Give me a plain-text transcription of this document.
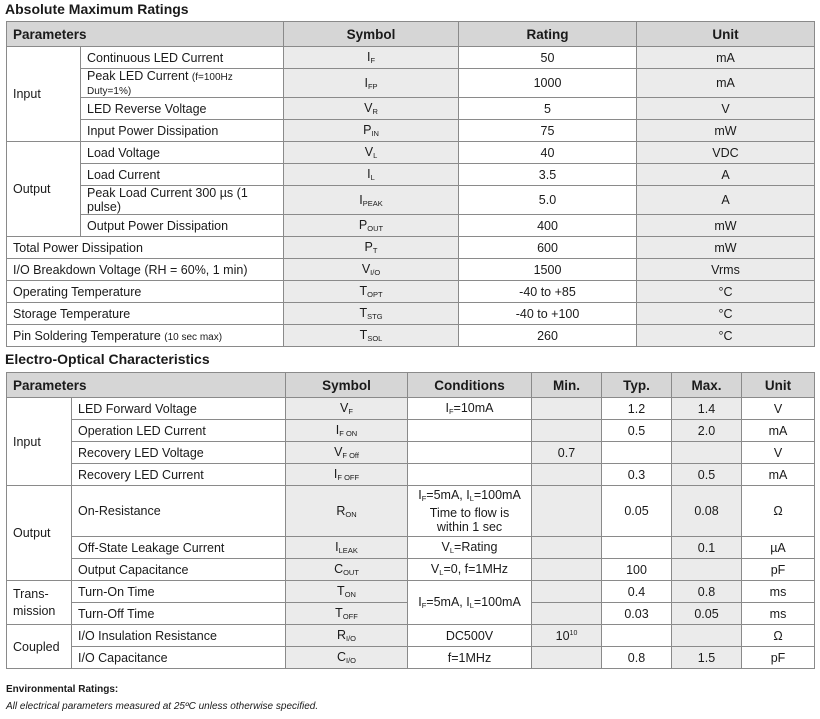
Absolute Maximum Ratings
Parameters		Symbol	Rating	Unit
Input	Continuous LED Current	$I_F$	50	mA
	Peak LED Current (f=100Hz Duty=1%)	$I_{FP}$	1000	mA
	LED Reverse Voltage	$V_R$	5	V
	Input Power Dissipation	$P_{IN}$	75	mW
Output	Load Voltage	$V_L$	40	VDC
	Load Current	$I_L$	3.5	A
	Peak Load Current 300 µs (1 pulse)	$I_{PEAK}$	5.0	A
	Output Power Dissipation	$P_{OUT}$	400	mW
Total Power Dissipation		$P_T$	600	mW
I/O Breakdown Voltage (RH = 60%, 1 min)		$V_{I/O}$	1500	Vrms
Operating Temperature		$T_{OPT}$	-40 to +85	°C
Storage Temperature		$T_{STG}$	-40 to +100	°C
Pin Soldering Temperature (10 sec max)		$T_{SOL}$	260	°C
Electro-Optical Characteristics
Parameters		Symbol	Conditions	Min.	Typ.	Max.	Unit
Input	LED Forward Voltage	$V_F$	$I_F=10mA$		1.2	1.4	V
	Operation LED Current	$I_{F ON}$			0.5	2.0	mA
	Recovery LED Voltage	$V_{F Off}$		0.7			V
	Recovery LED Current	$I_{F OFF}$			0.3	0.5	mA
Output	On-Resistance	$R_{ON}$	$I_F=5mA$, $I_L=100mA$
Time to flow is
within 1 sec		0.05	0.08	Ω
	Off-State Leakage Current	$I_{LEAK}$	$V_L=Rating$			0.1	µA
	Output Capacitance	$C_{OUT}$	$V_L=0$, f=1MHz		100		pF
Trans-
mission	Turn-On Time	$T_{ON}$	$I_F=5mA$, $I_L=100mA$		0.4	0.8	ms
	Turn-Off Time	$T_{OFF}$			0.03	0.05	ms
Coupled	I/O Insulation Resistance	$R_{I/O}$	DC500V	$10^{10}$			Ω
	I/O Capacitance	$C_{I/O}$	f=1MHz		0.8	1.5	pF
Environmental Ratings:
All electrical parameters measured at 25ºC unless otherwise specified.
